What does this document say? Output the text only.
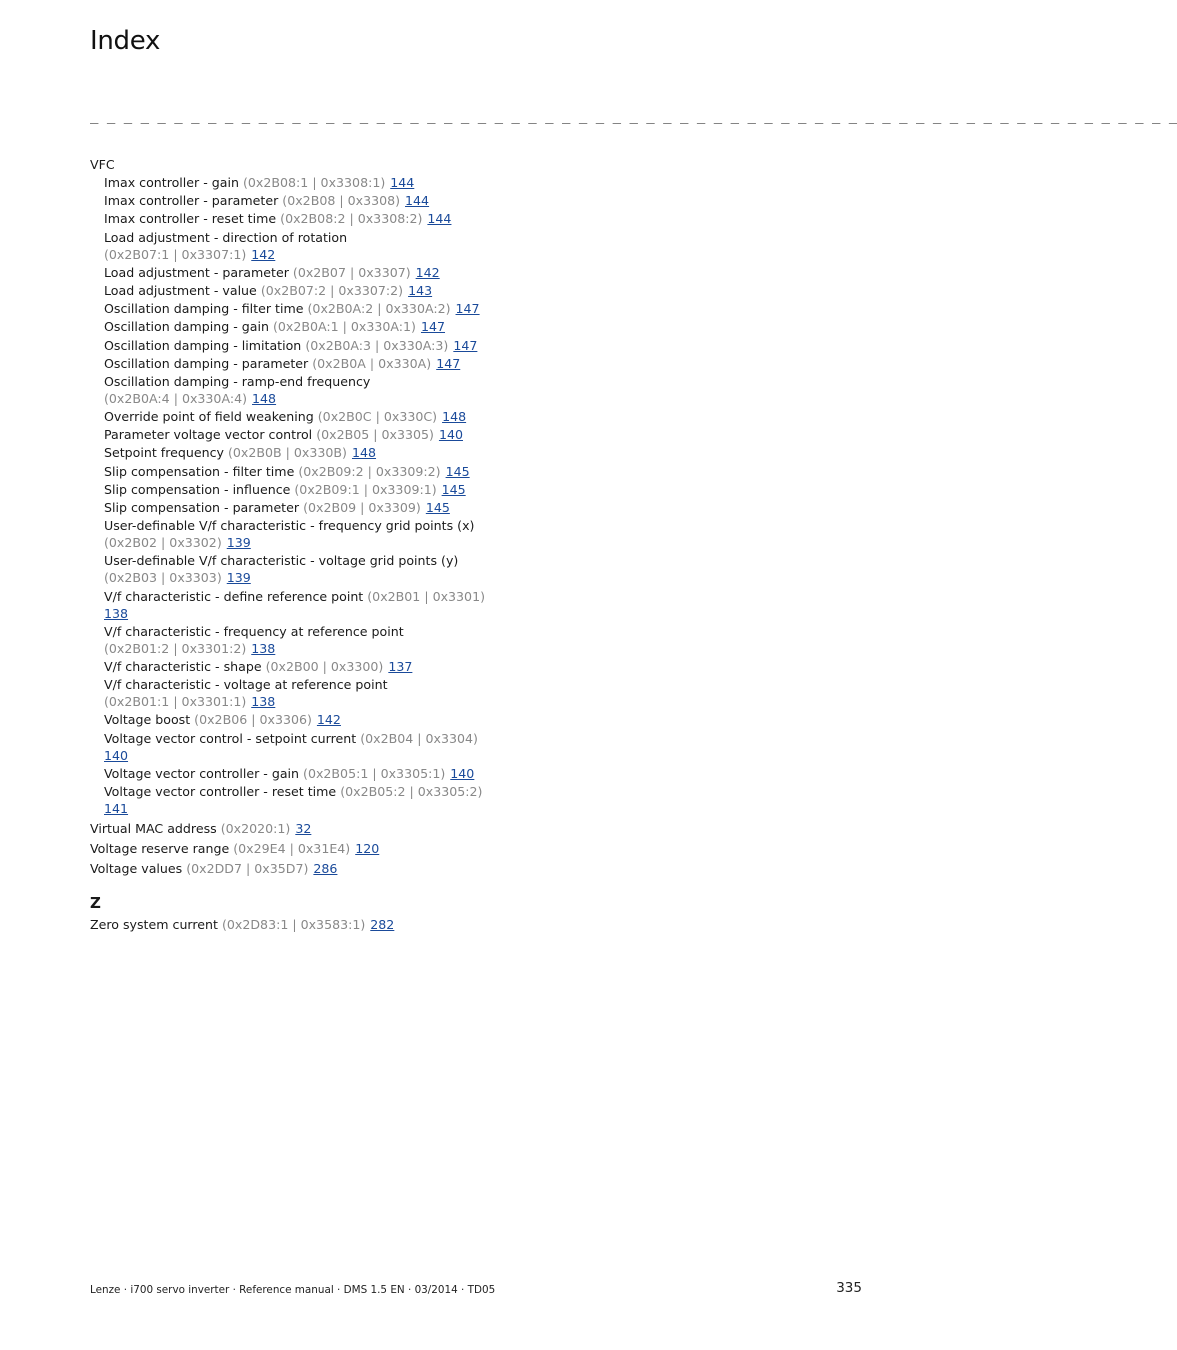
Index
_ _ _ _ _ _ _ _ _ _ _ _ _ _ _ _ _ _ _ _ _ _ _ _ _ _ _ _ _ _ _ _ _ _ _ _ _ _ _ _ _ _ _ _ _ _ _ _ _ _ _ _ _ _ _ _ _ _ _ _ _ _ _ _ _
VFC
Imax controller - gain (0x2B08:1 | 0x3308:1) 144
Imax controller - parameter (0x2B08 | 0x3308) 144
Imax controller - reset time (0x2B08:2 | 0x3308:2) 144
Load adjustment - direction of rotation
(0x2B07:1 | 0x3307:1) 142
Load adjustment - parameter (0x2B07 | 0x3307) 142
Load adjustment - value (0x2B07:2 | 0x3307:2) 143
Oscillation damping - filter time (0x2B0A:2 | 0x330A:2) 147
Oscillation damping - gain (0x2B0A:1 | 0x330A:1) 147
Oscillation damping - limitation (0x2B0A:3 | 0x330A:3) 147
Oscillation damping - parameter (0x2B0A | 0x330A) 147
Oscillation damping - ramp-end frequency
(0x2B0A:4 | 0x330A:4) 148
Override point of field weakening (0x2B0C | 0x330C) 148
Parameter voltage vector control (0x2B05 | 0x3305) 140
Setpoint frequency (0x2B0B | 0x330B) 148
Slip compensation - filter time (0x2B09:2 | 0x3309:2) 145
Slip compensation - influence (0x2B09:1 | 0x3309:1) 145
Slip compensation - parameter (0x2B09 | 0x3309) 145
User-definable V/f characteristic - frequency grid points (x)
(0x2B02 | 0x3302) 139
User-definable V/f characteristic - voltage grid points (y)
(0x2B03 | 0x3303) 139
V/f characteristic - define reference point (0x2B01 | 0x3301)
138
V/f characteristic - frequency at reference point
(0x2B01:2 | 0x3301:2) 138
V/f characteristic - shape (0x2B00 | 0x3300) 137
V/f characteristic - voltage at reference point
(0x2B01:1 | 0x3301:1) 138
Voltage boost (0x2B06 | 0x3306) 142
Voltage vector control - setpoint current (0x2B04 | 0x3304)
140
Voltage vector controller - gain (0x2B05:1 | 0x3305:1) 140
Voltage vector controller - reset time (0x2B05:2 | 0x3305:2)
141
Virtual MAC address (0x2020:1) 32
Voltage reserve range (0x29E4 | 0x31E4) 120
Voltage values (0x2DD7 | 0x35D7) 286
Z
Zero system current (0x2D83:1 | 0x3583:1) 282
Lenze · i700 servo inverter · Reference manual · DMS 1.5 EN · 03/2014 · TD05	335
